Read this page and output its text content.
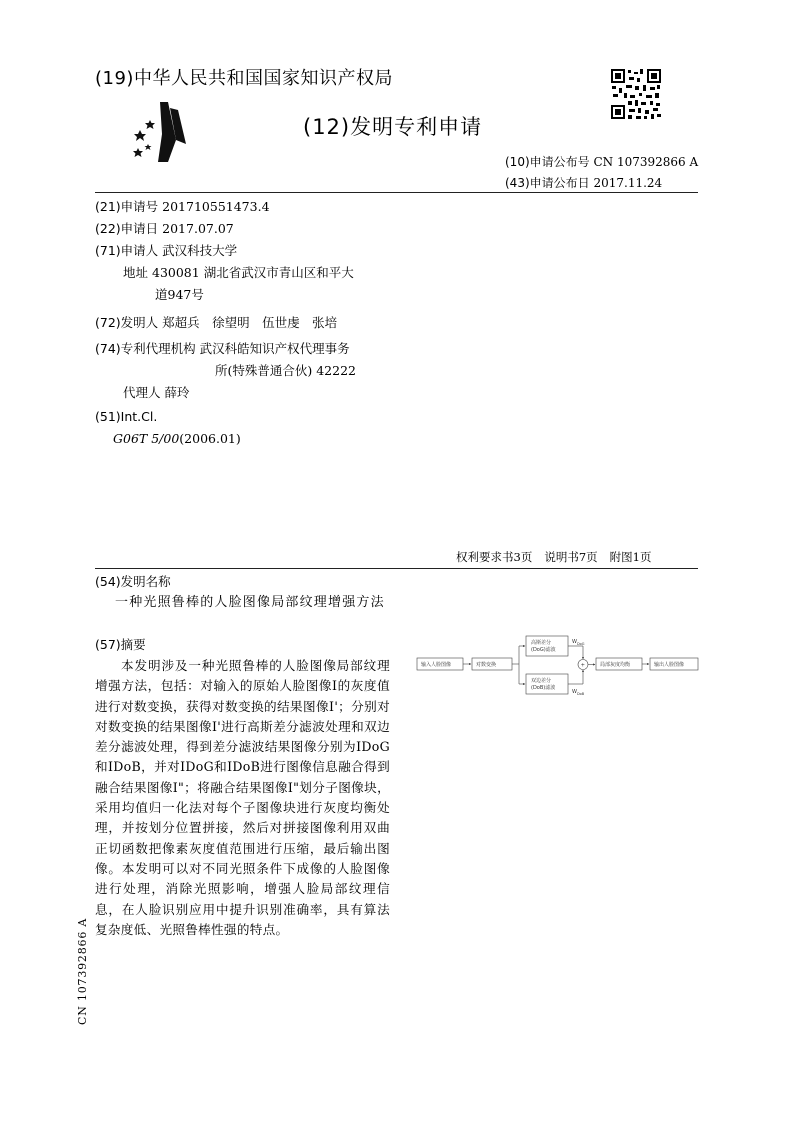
(19)中华人民共和国国家知识产权局
(12)发明专利申请
(10)申请公布号 CN 107392866 A
(43)申请公布日 2017.11.24
(21)申请号 201710551473.4
(22)申请日 2017.07.07
(71)申请人 武汉科技大学
地址 430081 湖北省武汉市青山区和平大
道947号
(72)发明人 郑超兵　徐望明　伍世虔　张培
(74)专利代理机构 武汉科皓知识产权代理事务
所(特殊普通合伙) 42222
代理人 薛玲
(51)Int.Cl.
G06T 5/00(2006.01)
权利要求书3页 说明书7页 附图1页
(54)发明名称
一种光照鲁棒的人脸图像局部纹理增强方法
(57)摘要
本发明涉及一种光照鲁棒的人脸图像局部纹理增强方法，包括：对输入的原始人脸图像I的灰度值进行对数变换，获得对数变换的结果图像I'；分别对对数变换的结果图像I'进行高斯差分滤波处理和双边差分滤波处理，得到差分滤波结果图像分别为IDoG和IDoB，并对IDoG和IDoB进行图像信息融合得到融合结果图像I"；将融合结果图像I"划分子图像块，采用均值归一化法对每个子图像块进行灰度均衡处理，并按划分位置拼接，然后对拼接图像利用双曲正切函数把像素灰度值范围进行压缩，最后输出图像。本发明可以对不同光照条件下成像的人脸图像进行处理，消除光照影响，增强人脸局部纹理信息，在人脸识别应用中提升识别准确率，具有算法复杂度低、光照鲁棒性强的特点。
输入人脸图像	对数变换
高斯差分
(DoG)滤波
双边差分
(DoB)滤波
$W_{DoG}$
$W_{DoB}$
+	局部灰度均衡	输出人脸图像
CN 107392866 A
